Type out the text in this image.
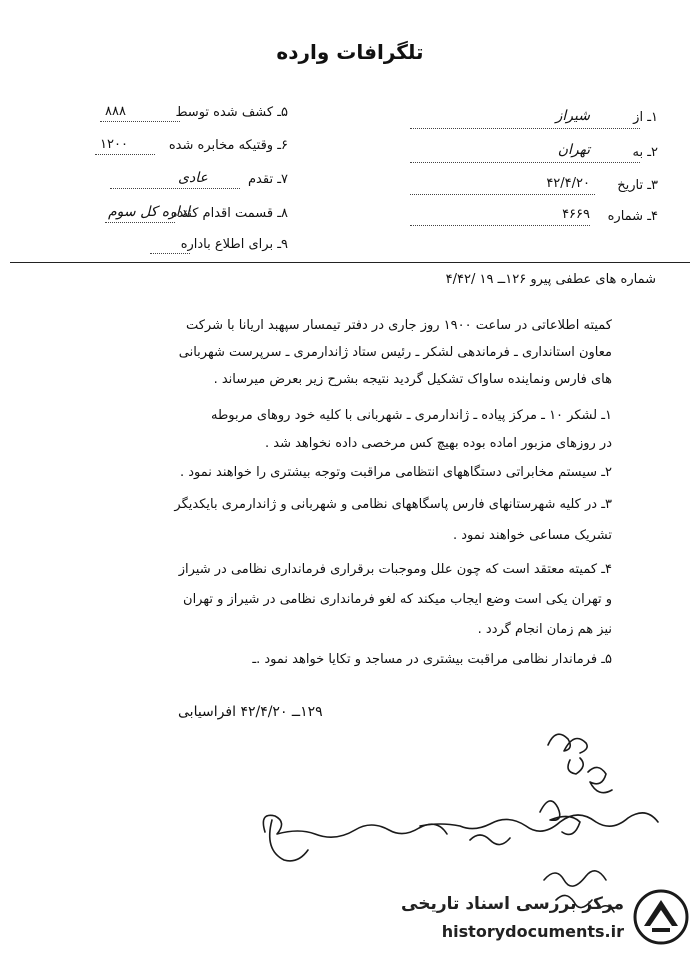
تلگرافات وارده
۱ـ از
شیراز
۲ـ به
تهران
۳ـ تاریخ
۴۲/۴/۲۰
۴ـ شماره
۴۶۶۹
۵ـ کشف شده توسط
۸۸۸
۶ـ وقتیکه مخابره شده
۱۲۰۰
۷ـ تقدم
عادی
۸ـ قسمت اقدام کننده
اداره کل سوم
۹ـ برای اطلاع باداره
شماره های عطفی پیرو ۱۲۶ــ ۱۹ /۴/۴۲
کمیته اطلاعاتی در ساعت ۱۹۰۰ روز جاری در دفتر تیمسار سپهبد اریانا با شرکت
معاون استانداری ـ فرماندهی لشکر ـ رئیس ستاد ژاندارمری ـ سرپرست شهربانی
های فارس ونماینده ساواک تشکیل گردید نتیجه بشرح زیر بعرض میرساند .
۱ـ لشکر ۱۰ ـ مرکز پیاده ـ ژاندارمری ـ شهربانی با کلیه خود روهای مربوطه
در روزهای مزبور اماده بوده بهیچ کس مرخصی داده نخواهد شد .
۲ـ سیستم مخابراتی دستگاههای انتظامی مراقبت وتوجه بیشتری را خواهند نمود .
۳ـ در کلیه شهرستانهای فارس پاسگاههای نظامی و شهربانی و ژاندارمری بایکدیگر
تشریک مساعی خواهند نمود .
۴ـ کمیته معتقد است که چون علل وموجبات برقراری فرمانداری نظامی در شیراز
و تهران یکی است وضع ایجاب میکند که لغو فرمانداری نظامی در شیراز و تهران
نیز هم زمان انجام گردد .
۵ـ فرماندار نظامی مراقبت بیشتری در مساجد و تکایا خواهد نمود .ـ
۱۲۹ــ ۴۲/۴/۲۰ افراسیابی
مرکز بررسی اسناد تاریخی
historydocuments.ir
